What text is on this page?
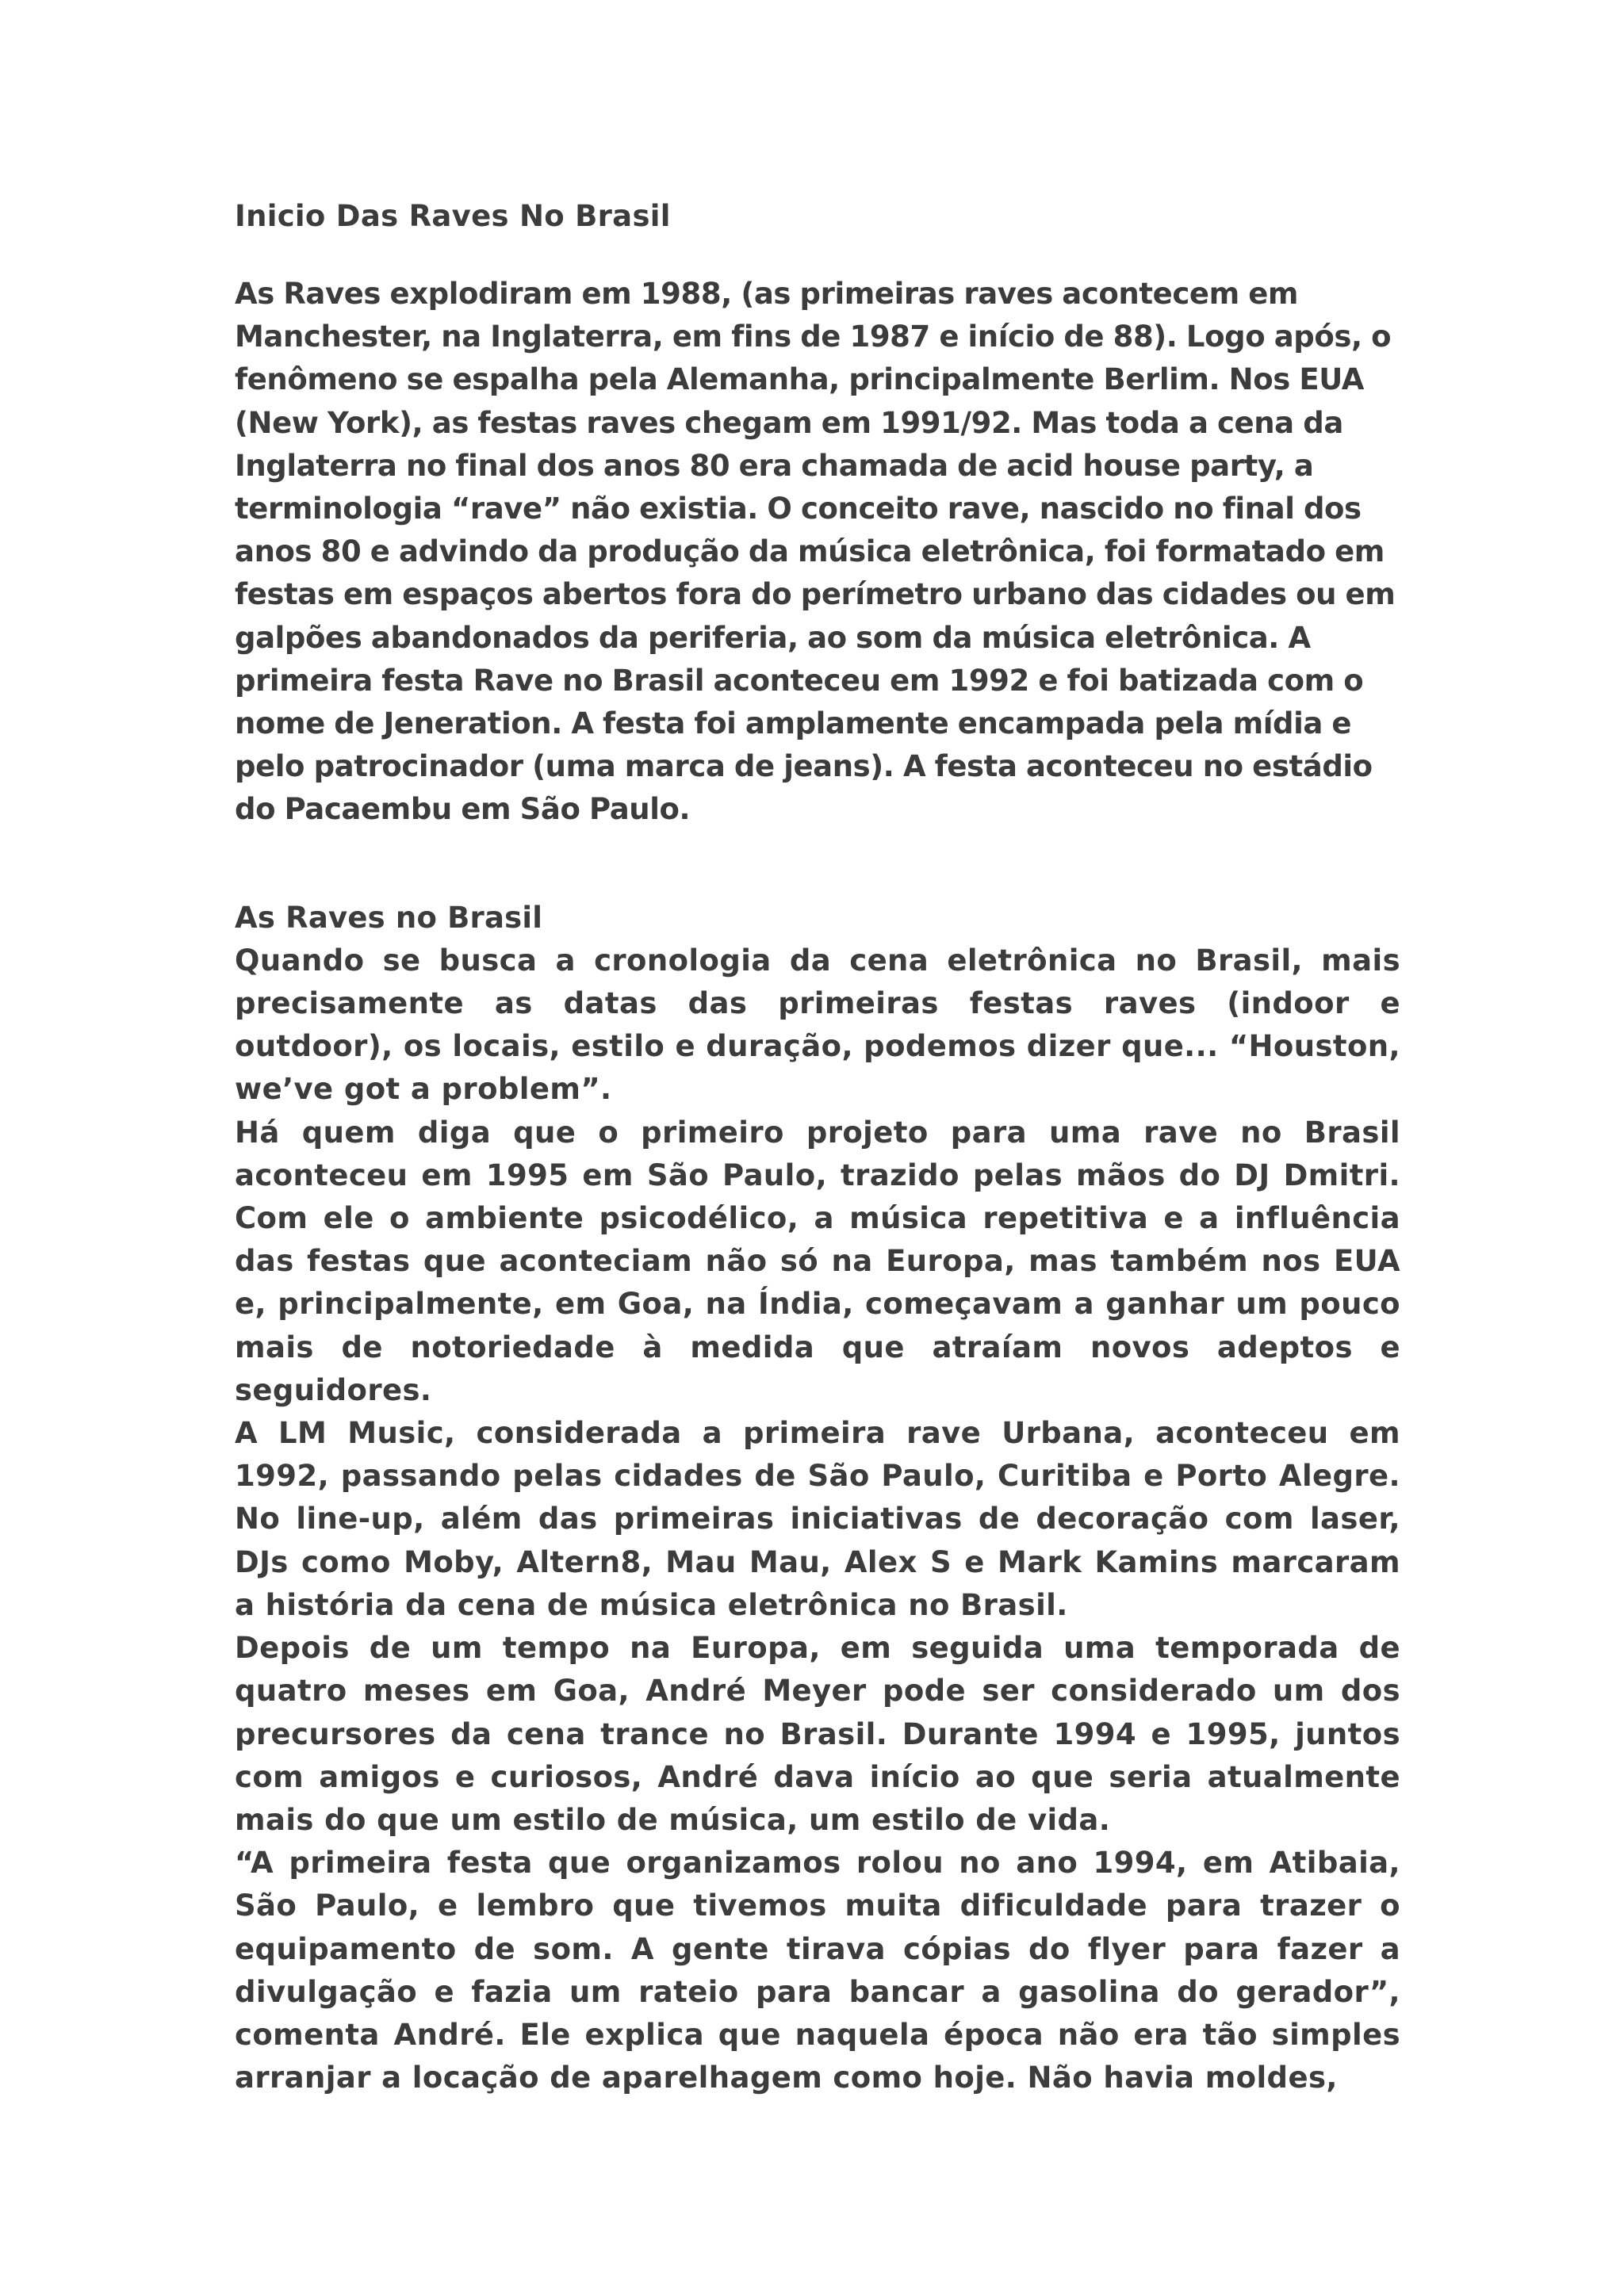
Inicio Das Raves No Brasil

As Raves explodiram em 1988, (as primeiras raves acontecem em Manchester, na Inglaterra, em fins de 1987 e início de 88). Logo após, o fenômeno se espalha pela Alemanha, principalmente Berlim. Nos EUA (New York), as festas raves chegam em 1991/92. Mas toda a cena da Inglaterra no final dos anos 80 era chamada de acid house party, a terminologia “rave” não existia. O conceito rave, nascido no final dos anos 80 e advindo da produção da música eletrônica, foi formatado em festas em espaços abertos fora do perímetro urbano das cidades ou em galpões abandonados da periferia, ao som da música eletrônica. A primeira festa Rave no Brasil aconteceu em 1992 e foi batizada com o nome de Jeneration. A festa foi amplamente encampada pela mídia e pelo patrocinador (uma marca de jeans). A festa aconteceu no estádio do Pacaembu em São Paulo.

As Raves no Brasil

Quando se busca a cronologia da cena eletrônica no Brasil, mais precisamente as datas das primeiras festas raves (indoor e outdoor), os locais, estilo e duração, podemos dizer que... “Houston, we’ve got a problem”.

Há quem diga que o primeiro projeto para uma rave no Brasil aconteceu em 1995 em São Paulo, trazido pelas mãos do DJ Dmitri. Com ele o ambiente psicodélico, a música repetitiva e a influência das festas que aconteciam não só na Europa, mas também nos EUA e, principalmente, em Goa, na Índia, começavam a ganhar um pouco mais de notoriedade à medida que atraíam novos adeptos e seguidores.

A LM Music, considerada a primeira rave Urbana, aconteceu em 1992, passando pelas cidades de São Paulo, Curitiba e Porto Alegre. No line-up, além das primeiras iniciativas de decoração com laser, DJs como Moby, Altern8, Mau Mau, Alex S e Mark Kamins marcaram a história da cena de música eletrônica no Brasil.

Depois de um tempo na Europa, em seguida uma temporada de quatro meses em Goa, André Meyer pode ser considerado um dos precursores da cena trance no Brasil. Durante 1994 e 1995, juntos com amigos e curiosos, André dava início ao que seria atualmente mais do que um estilo de música, um estilo de vida.

“A primeira festa que organizamos rolou no ano 1994, em Atibaia, São Paulo, e lembro que tivemos muita dificuldade para trazer o equipamento de som. A gente tirava cópias do flyer para fazer a divulgação e fazia um rateio para bancar a gasolina do gerador”, comenta André. Ele explica que naquela época não era tão simples arranjar a locação de aparelhagem como hoje. Não havia moldes,
